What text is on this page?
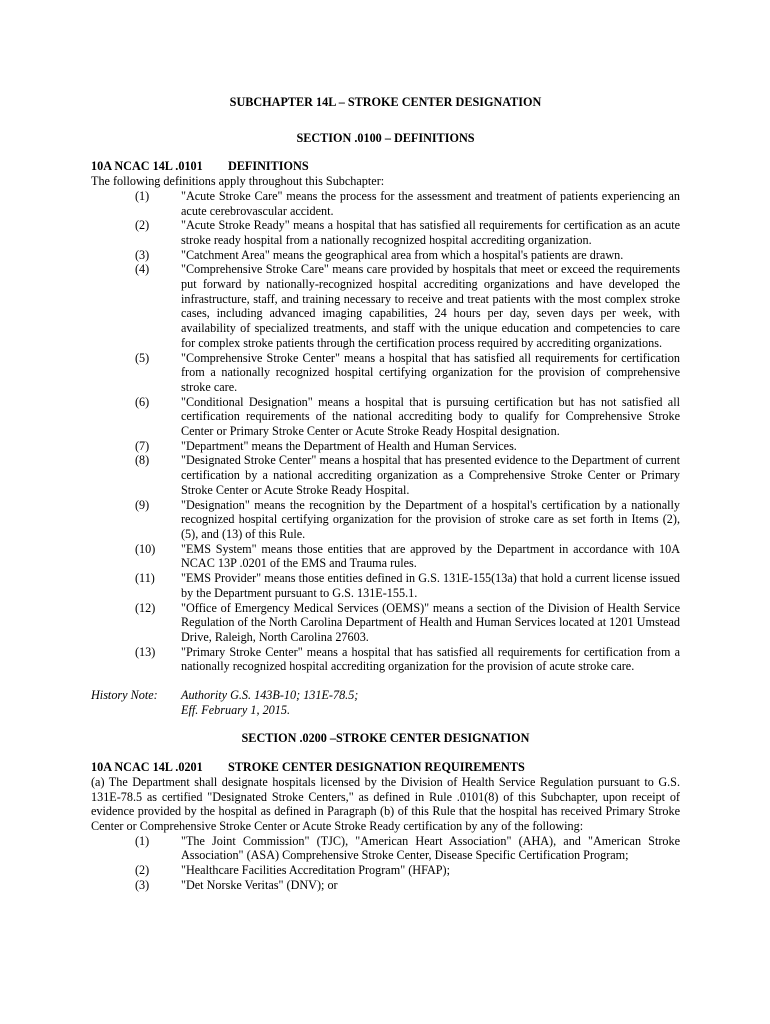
SUBCHAPTER 14L – STROKE CENTER DESIGNATION
SECTION .0100 – DEFINITIONS
10A NCAC 14L .0101 DEFINITIONS
The following definitions apply throughout this Subchapter:
(1)	"Acute Stroke Care" means the process for the assessment and treatment of patients experiencing an acute cerebrovascular accident.
(2)	"Acute Stroke Ready" means a hospital that has satisfied all requirements for certification as an acute stroke ready hospital from a nationally recognized hospital accrediting organization.
(3)	"Catchment Area" means the geographical area from which a hospital's patients are drawn.
(4)	"Comprehensive Stroke Care" means care provided by hospitals that meet or exceed the requirements put forward by nationally-recognized hospital accrediting organizations and have developed the infrastructure, staff, and training necessary to receive and treat patients with the most complex stroke cases, including advanced imaging capabilities, 24 hours per day, seven days per week, with availability of specialized treatments, and staff with the unique education and competencies to care for complex stroke patients through the certification process required by accrediting organizations.
(5)	"Comprehensive Stroke Center" means a hospital that has satisfied all requirements for certification from a nationally recognized hospital certifying organization for the provision of comprehensive stroke care.
(6)	"Conditional Designation" means a hospital that is pursuing certification but has not satisfied all certification requirements of the national accrediting body to qualify for Comprehensive Stroke Center or Primary Stroke Center or Acute Stroke Ready Hospital designation.
(7)	"Department" means the Department of Health and Human Services.
(8)	"Designated Stroke Center" means a hospital that has presented evidence to the Department of current certification by a national accrediting organization as a Comprehensive Stroke Center or Primary Stroke Center or Acute Stroke Ready Hospital.
(9)	"Designation" means the recognition by the Department of a hospital's certification by a nationally recognized hospital certifying organization for the provision of stroke care as set forth in Items (2), (5), and (13) of this Rule.
(10)	"EMS System" means those entities that are approved by the Department in accordance with 10A NCAC 13P .0201 of the EMS and Trauma rules.
(11)	"EMS Provider" means those entities defined in G.S. 131E-155(13a) that hold a current license issued by the Department pursuant to G.S. 131E-155.1.
(12)	"Office of Emergency Medical Services (OEMS)" means a section of the Division of Health Service Regulation of the North Carolina Department of Health and Human Services located at 1201 Umstead Drive, Raleigh, North Carolina 27603.
(13)	"Primary Stroke Center" means a hospital that has satisfied all requirements for certification from a nationally recognized hospital accrediting organization for the provision of acute stroke care.
History Note:	Authority G.S. 143B-10; 131E-78.5;
Eff. February 1, 2015.
SECTION .0200 –STROKE CENTER DESIGNATION
10A NCAC 14L .0201 STROKE CENTER DESIGNATION REQUIREMENTS
(a) The Department shall designate hospitals licensed by the Division of Health Service Regulation pursuant to G.S. 131E-78.5 as certified "Designated Stroke Centers," as defined in Rule .0101(8) of this Subchapter, upon receipt of evidence provided by the hospital as defined in Paragraph (b) of this Rule that the hospital has received Primary Stroke Center or Comprehensive Stroke Center or Acute Stroke Ready certification by any of the following:
(1)	"The Joint Commission" (TJC), "American Heart Association" (AHA), and "American Stroke Association" (ASA) Comprehensive Stroke Center, Disease Specific Certification Program;
(2)	"Healthcare Facilities Accreditation Program" (HFAP);
(3)	"Det Norske Veritas" (DNV); or
